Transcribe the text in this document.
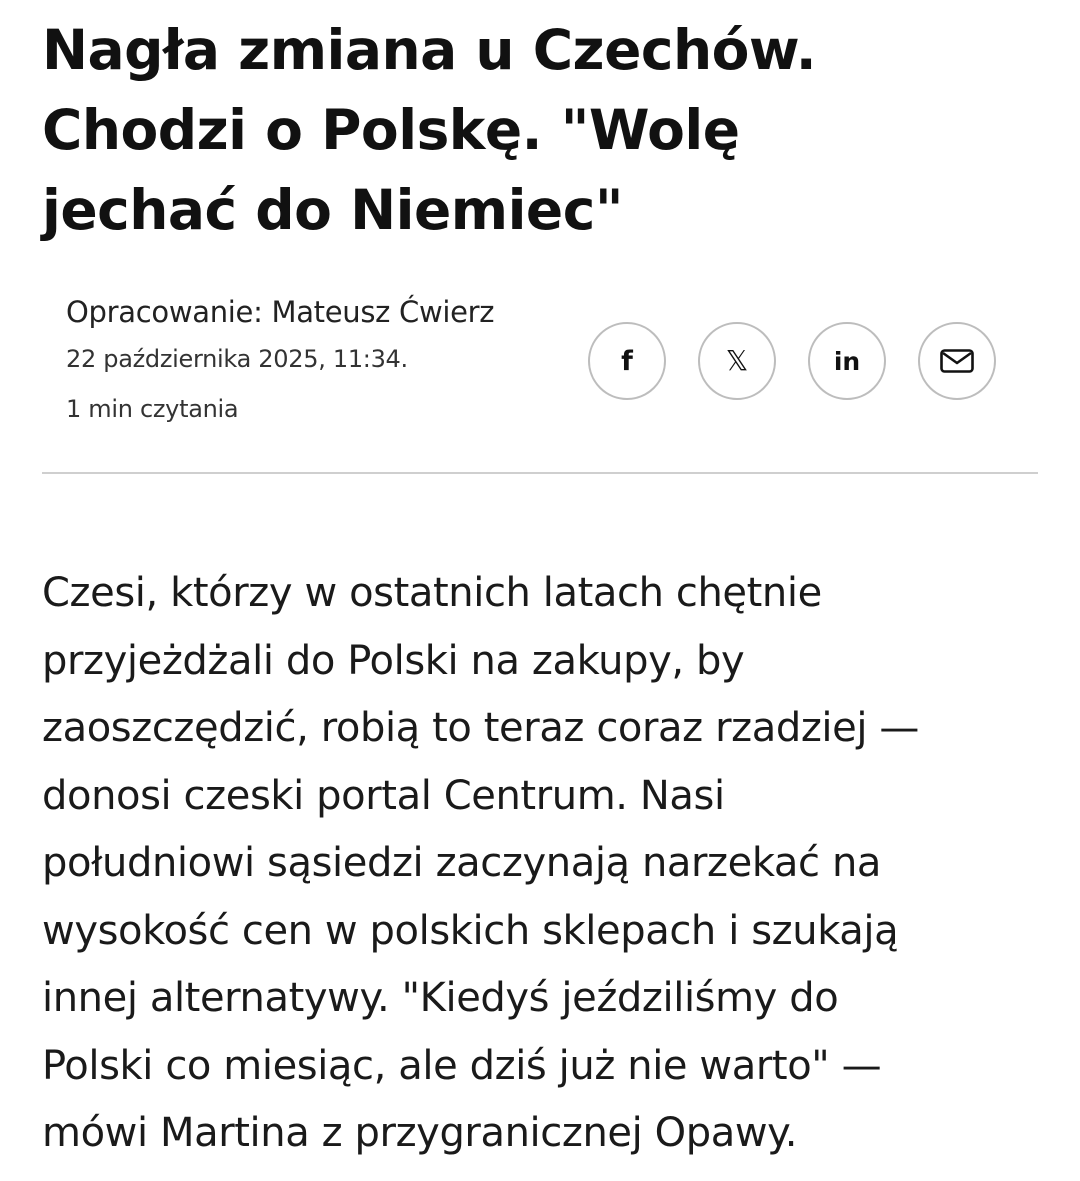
Nagła zmiana u Czechów.
Chodzi o Polskę. "Wolę
jechać do Niemiec"
Opracowanie: Mateusz Ćwierz
22 października 2025, 11:34.
1 min czytania
f	𝕏	in

Czesi, którzy w ostatnich latach chętnie
przyjeżdżali do Polski na zakupy, by
zaoszczędzić, robią to teraz coraz rzadziej —
donosi czeski portal Centrum. Nasi
południowi sąsiedzi zaczynają narzekać na
wysokość cen w polskich sklepach i szukają
innej alternatywy. "Kiedyś jeździliśmy do
Polski co miesiąc, ale dziś już nie warto" —
mówi Martina z przygranicznej Opawy.
